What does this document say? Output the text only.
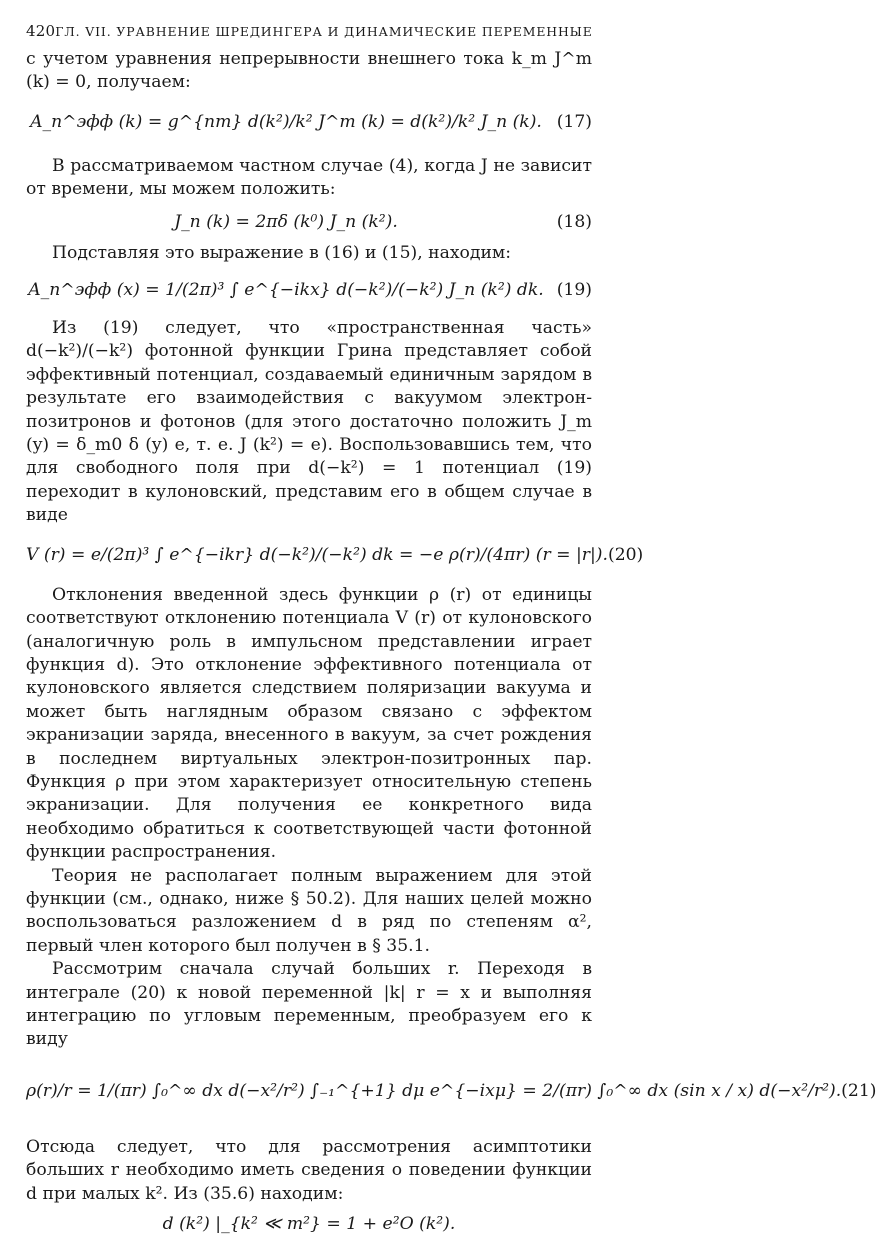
420 ГЛ. VII. УРАВНЕНИЕ ШРЕДИНГЕРА И ДИНАМИЧЕСКИЕ ПЕРЕМЕННЫЕ

с учетом уравнения непрерывности внешнего тока k_m J^m (k) = 0, получаем:

A_n^эфф (k) = g^{nm} d(k²)/k² J^m (k) = d(k²)/k² J_n (k). (17)

В рассматриваемом частном случае (4), когда J не зависит от времени, мы можем положить:

J_n (k) = 2πδ (k⁰) J_n (k²).	(18)

Подставляя это выражение в (16) и (15), находим:

A_n^эфф (x) = 1/(2π)³ ∫ e^{−ikx} d(−k²)/(−k²) J_n (k²) dk. (19)

Из (19) следует, что «пространственная часть» d(−k²)/(−k²) фотонной функции Грина представляет собой эффективный потенциал, создаваемый единичным зарядом в результате его взаимодействия с вакуумом электрон-позитронов и фотонов (для этого достаточно положить J_m (y) = δ_m0 δ (y) e, т. е. J (k²) = e). Воспользовавшись тем, что для свободного поля при d(−k²) = 1 потенциал (19) переходит в кулоновский, представим его в общем случае в виде

V (r) = e/(2π)³ ∫ e^{−ikr} d(−k²)/(−k²) dk = −e ρ(r)/(4πr) (r = |r|). (20)

Отклонения введенной здесь функции ρ (r) от единицы соответствуют отклонению потенциала V (r) от кулоновского (аналогичную роль в импульсном представлении играет функция d). Это отклонение эффективного потенциала от кулоновского является следствием поляризации вакуума и может быть наглядным образом связано с эффектом экранизации заряда, внесенного в вакуум, за счет рождения в последнем виртуальных электрон-позитронных пар. Функция ρ при этом характеризует относительную степень экранизации. Для получения ее конкретного вида необходимо обратиться к соответствующей части фотонной функции распространения.

Теория не располагает полным выражением для этой функции (см., однако, ниже § 50.2). Для наших целей можно воспользоваться разложением d в ряд по степеням α², первый член которого был получен в § 35.1.

Рассмотрим сначала случай больших r. Переходя в интеграле (20) к новой переменной |k| r = x и выполняя интеграцию по угловым переменным, преобразуем его к виду

ρ(r)/r = 1/(πr) ∫₀^∞ dx d(−x²/r²) ∫₋₁^{+1} dμ e^{−ixμ} = 2/(πr) ∫₀^∞ dx (sin x / x) d(−x²/r²). (21)

Отсюда следует, что для рассмотрения асимптотики больших r необходимо иметь сведения о поведении функции d при малых k². Из (35.6) находим:

d (k²) |_{k² ≪ m²} = 1 + e²O (k²).
